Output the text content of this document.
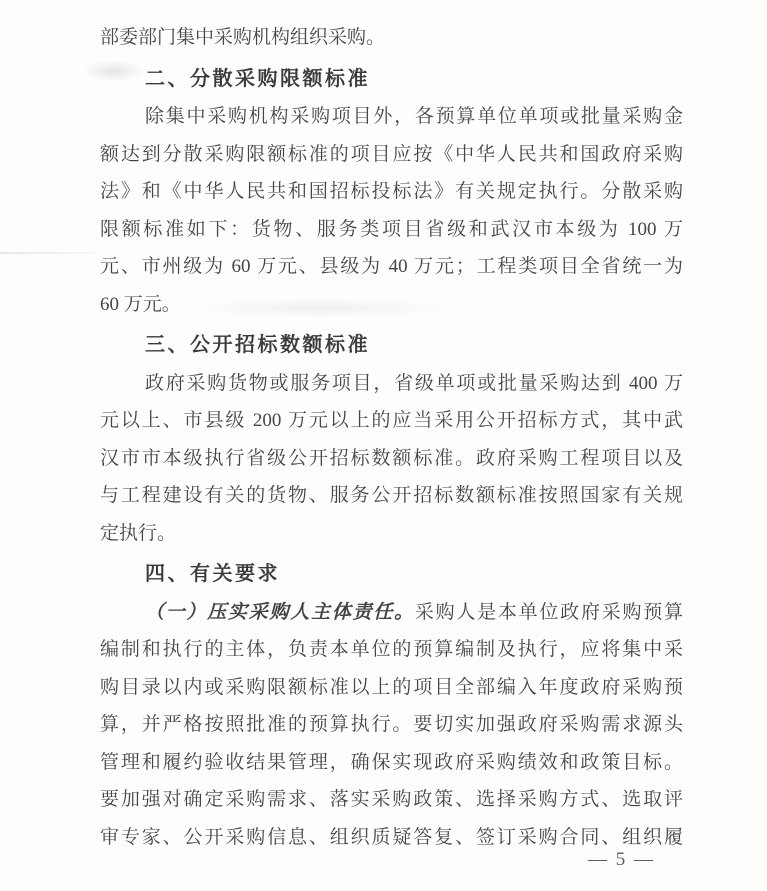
部委部门集中采购机构组织采购。
二、分散采购限额标准
除集中采购机构采购项目外，各预算单位单项或批量采购金
额达到分散采购限额标准的项目应按《中华人民共和国政府采购
法》和《中华人民共和国招标投标法》有关规定执行。分散采购
限额标准如下：货物、服务类项目省级和武汉市本级为 100 万
元、市州级为 60 万元、县级为 40 万元；工程类项目全省统一为
60 万元。
三、公开招标数额标准
政府采购货物或服务项目，省级单项或批量采购达到 400 万
元以上、市县级 200 万元以上的应当采用公开招标方式，其中武
汉市市本级执行省级公开招标数额标准。政府采购工程项目以及
与工程建设有关的货物、服务公开招标数额标准按照国家有关规
定执行。
四、有关要求
（一）压实采购人主体责任。采购人是本单位政府采购预算
编制和执行的主体，负责本单位的预算编制及执行，应将集中采
购目录以内或采购限额标准以上的项目全部编入年度政府采购预
算，并严格按照批准的预算执行。要切实加强政府采购需求源头
管理和履约验收结果管理，确保实现政府采购绩效和政策目标。
要加强对确定采购需求、落实采购政策、选择采购方式、选取评
审专家、公开采购信息、组织质疑答复、签订采购合同、组织履
— 5 —
